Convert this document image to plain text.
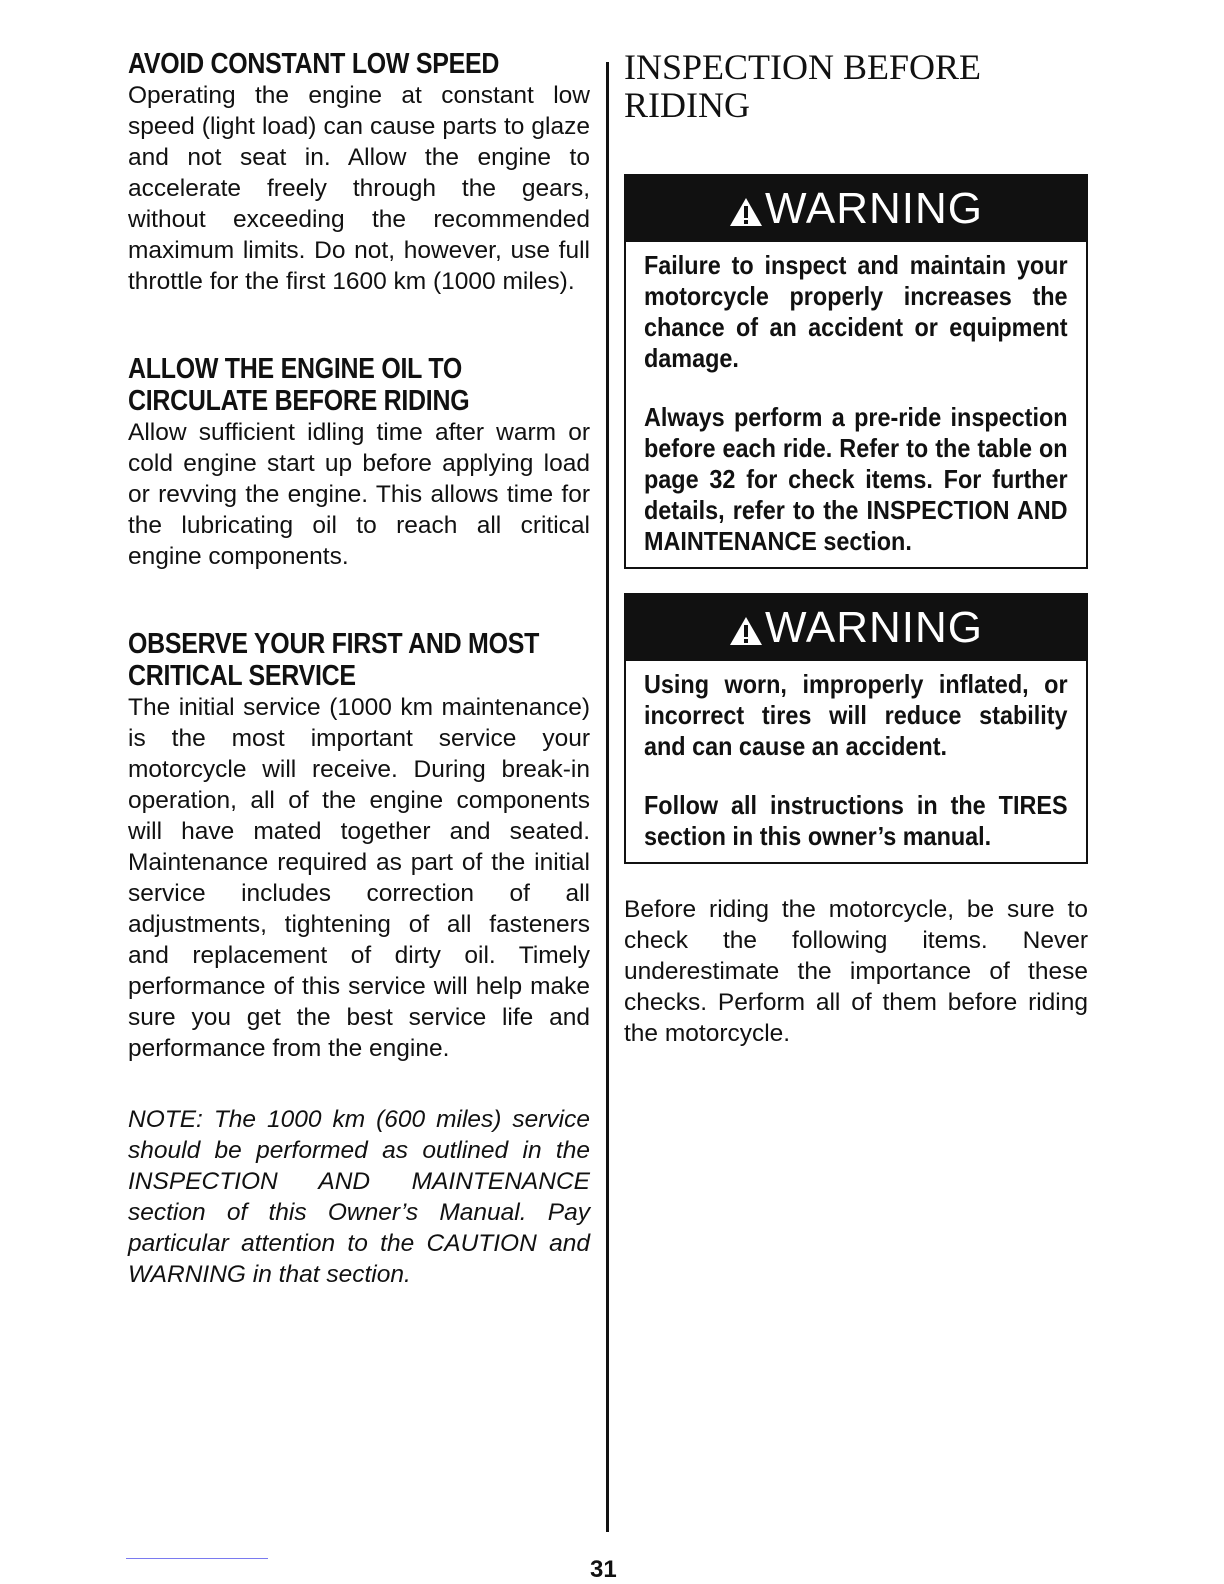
AVOID CONSTANT LOW SPEED

Operating the engine at constant low speed (light load) can cause parts to glaze and not seat in. Allow the engine to accelerate freely through the gears, without exceeding the recommended maximum limits. Do not, however, use full throttle for the first 1600 km (1000 miles).

ALLOW THE ENGINE OIL TO CIRCULATE BEFORE RIDING

Allow sufficient idling time after warm or cold engine start up before applying load or revving the engine. This allows time for the lubricating oil to reach all critical engine components.

OBSERVE YOUR FIRST AND MOST CRITICAL SERVICE

The initial service (1000 km maintenance) is the most important service your motorcycle will receive. During break-in operation, all of the engine components will have mated together and seated. Maintenance required as part of the initial service includes correction of all adjustments, tightening of all fasteners and replacement of dirty oil. Timely performance of this service will help make sure you get the best service life and performance from the engine.

NOTE: The 1000 km (600 miles) service should be performed as outlined in the INSPECTION AND MAINTENANCE section of this Owner’s Manual. Pay particular attention to the CAUTION and WARNING in that section.

INSPECTION BEFORE RIDING
WARNING

Failure to inspect and maintain your motorcycle properly increases the chance of an accident or equipment damage.

Always perform a pre-ride inspection before each ride. Refer to the table on page 32 for check items. For further details, refer to the INSPECTION AND MAINTENANCE section.

WARNING

Using worn, improperly inflated, or incorrect tires will reduce stability and can cause an accident.

Follow all instructions in the TIRES section in this owner’s manual.

Before riding the motorcycle, be sure to check the following items. Never underestimate the importance of these checks. Perform all of them before riding the motorcycle.

31
